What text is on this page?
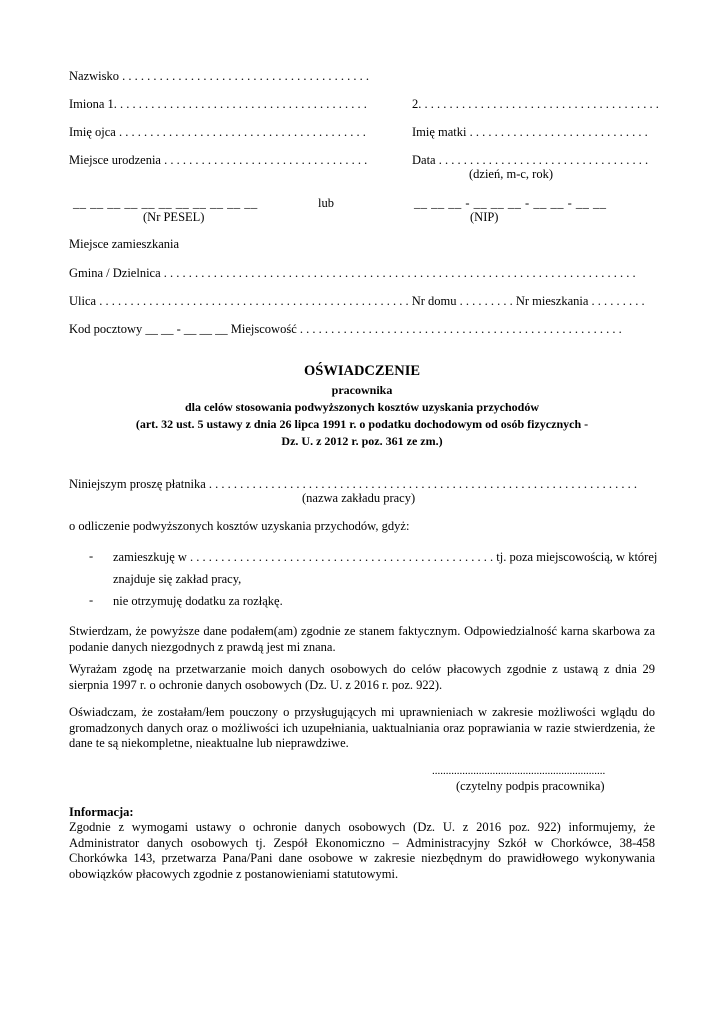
Nazwisko . . . . . . . . . . . . . . . . . . . . . . . . . . . . . . . . . . . . . . . .
Imiona 1. . . . . . . . . . . . . . . . . . . . . . . . . . . . . . . . . . . . . . . . .	2. . . . . . . . . . . . . . . . . . . . . . . . . . . . . . . . . . . . . . .
Imię ojca . . . . . . . . . . . . . . . . . . . . . . . . . . . . . . . . . . . . . . . .	Imię matki . . . . . . . . . . . . . . . . . . . . . . . . . . . . .
Miejsce urodzenia . . . . . . . . . . . . . . . . . . . . . . . . . . . . . . . . .	Data . . . . . . . . . . . . . . . . . . . . . . . . . . . . . . . . . .
(dzień, m-c, rok)
__ __ __ __ __ __ __ __ __ __ __	lub	__ __ __ - __ __ __ - __ __ - __ __
(Nr PESEL)	(NIP)
Miejsce zamieszkania
Gmina / Dzielnica . . . . . . . . . . . . . . . . . . . . . . . . . . . . . . . . . . . . . . . . . . . . . . . . . . . . . . . . . . . . . . . . . . . . . . . . . . . .
Ulica . . . . . . . . . . . . . . . . . . . . . . . . . . . . . . . . . . . . . . . . . . . . . . . . . . Nr domu . . . . . . . . . Nr mieszkania . . . . . . . . .
Kod pocztowy __ __ - __ __ __ Miejscowość . . . . . . . . . . . . . . . . . . . . . . . . . . . . . . . . . . . . . . . . . . . . . . . . . . . .
OŚWIADCZENIE
pracownika
dla celów stosowania podwyższonych kosztów uzyskania przychodów
(art. 32 ust. 5 ustawy z dnia 26 lipca 1991 r. o podatku dochodowym od osób fizycznych -
Dz. U. z 2012 r. poz. 361 ze zm.)
Niniejszym proszę płatnika . . . . . . . . . . . . . . . . . . . . . . . . . . . . . . . . . . . . . . . . . . . . . . . . . . . . . . . . . . . . . . . . . . . . .
(nazwa zakładu pracy)
o odliczenie podwyższonych kosztów uzyskania przychodów, gdyż:
- zamieszkuję w . . . . . . . . . . . . . . . . . . . . . . . . . . . . . . . . . . . . . . . . . . . . . . . . . tj. poza miejscowością, w której
znajduje się zakład pracy,
- nie otrzymuję dodatku za rozłąkę.
Stwierdzam, że powyższe dane podałem(am) zgodnie ze stanem faktycznym. Odpowiedzialność karna skarbowa za podanie danych niezgodnych z prawdą jest mi znana.
Wyrażam zgodę na przetwarzanie moich danych osobowych do celów płacowych zgodnie z ustawą z dnia 29 sierpnia 1997 r. o ochronie danych osobowych (Dz. U. z 2016 r. poz. 922).
Oświadczam, że zostałam/łem pouczony o przysługujących mi uprawnieniach w zakresie możliwości wglądu do gromadzonych danych oraz o możliwości ich uzupełniania, uaktualniania oraz poprawiania w razie stwierdzenia, że dane te są niekompletne, nieaktualne lub nieprawdziwe.
...............................................................
(czytelny podpis pracownika)
Informacja:
Zgodnie z wymogami ustawy o ochronie danych osobowych (Dz. U. z 2016 poz. 922) informujemy, że Administrator danych osobowych tj. Zespół Ekonomiczno – Administracyjny Szkół w Chorkówce, 38-458 Chorkówka 143, przetwarza Pana/Pani dane osobowe w zakresie niezbędnym do prawidłowego wykonywania obowiązków płacowych zgodnie z postanowieniami statutowymi.
